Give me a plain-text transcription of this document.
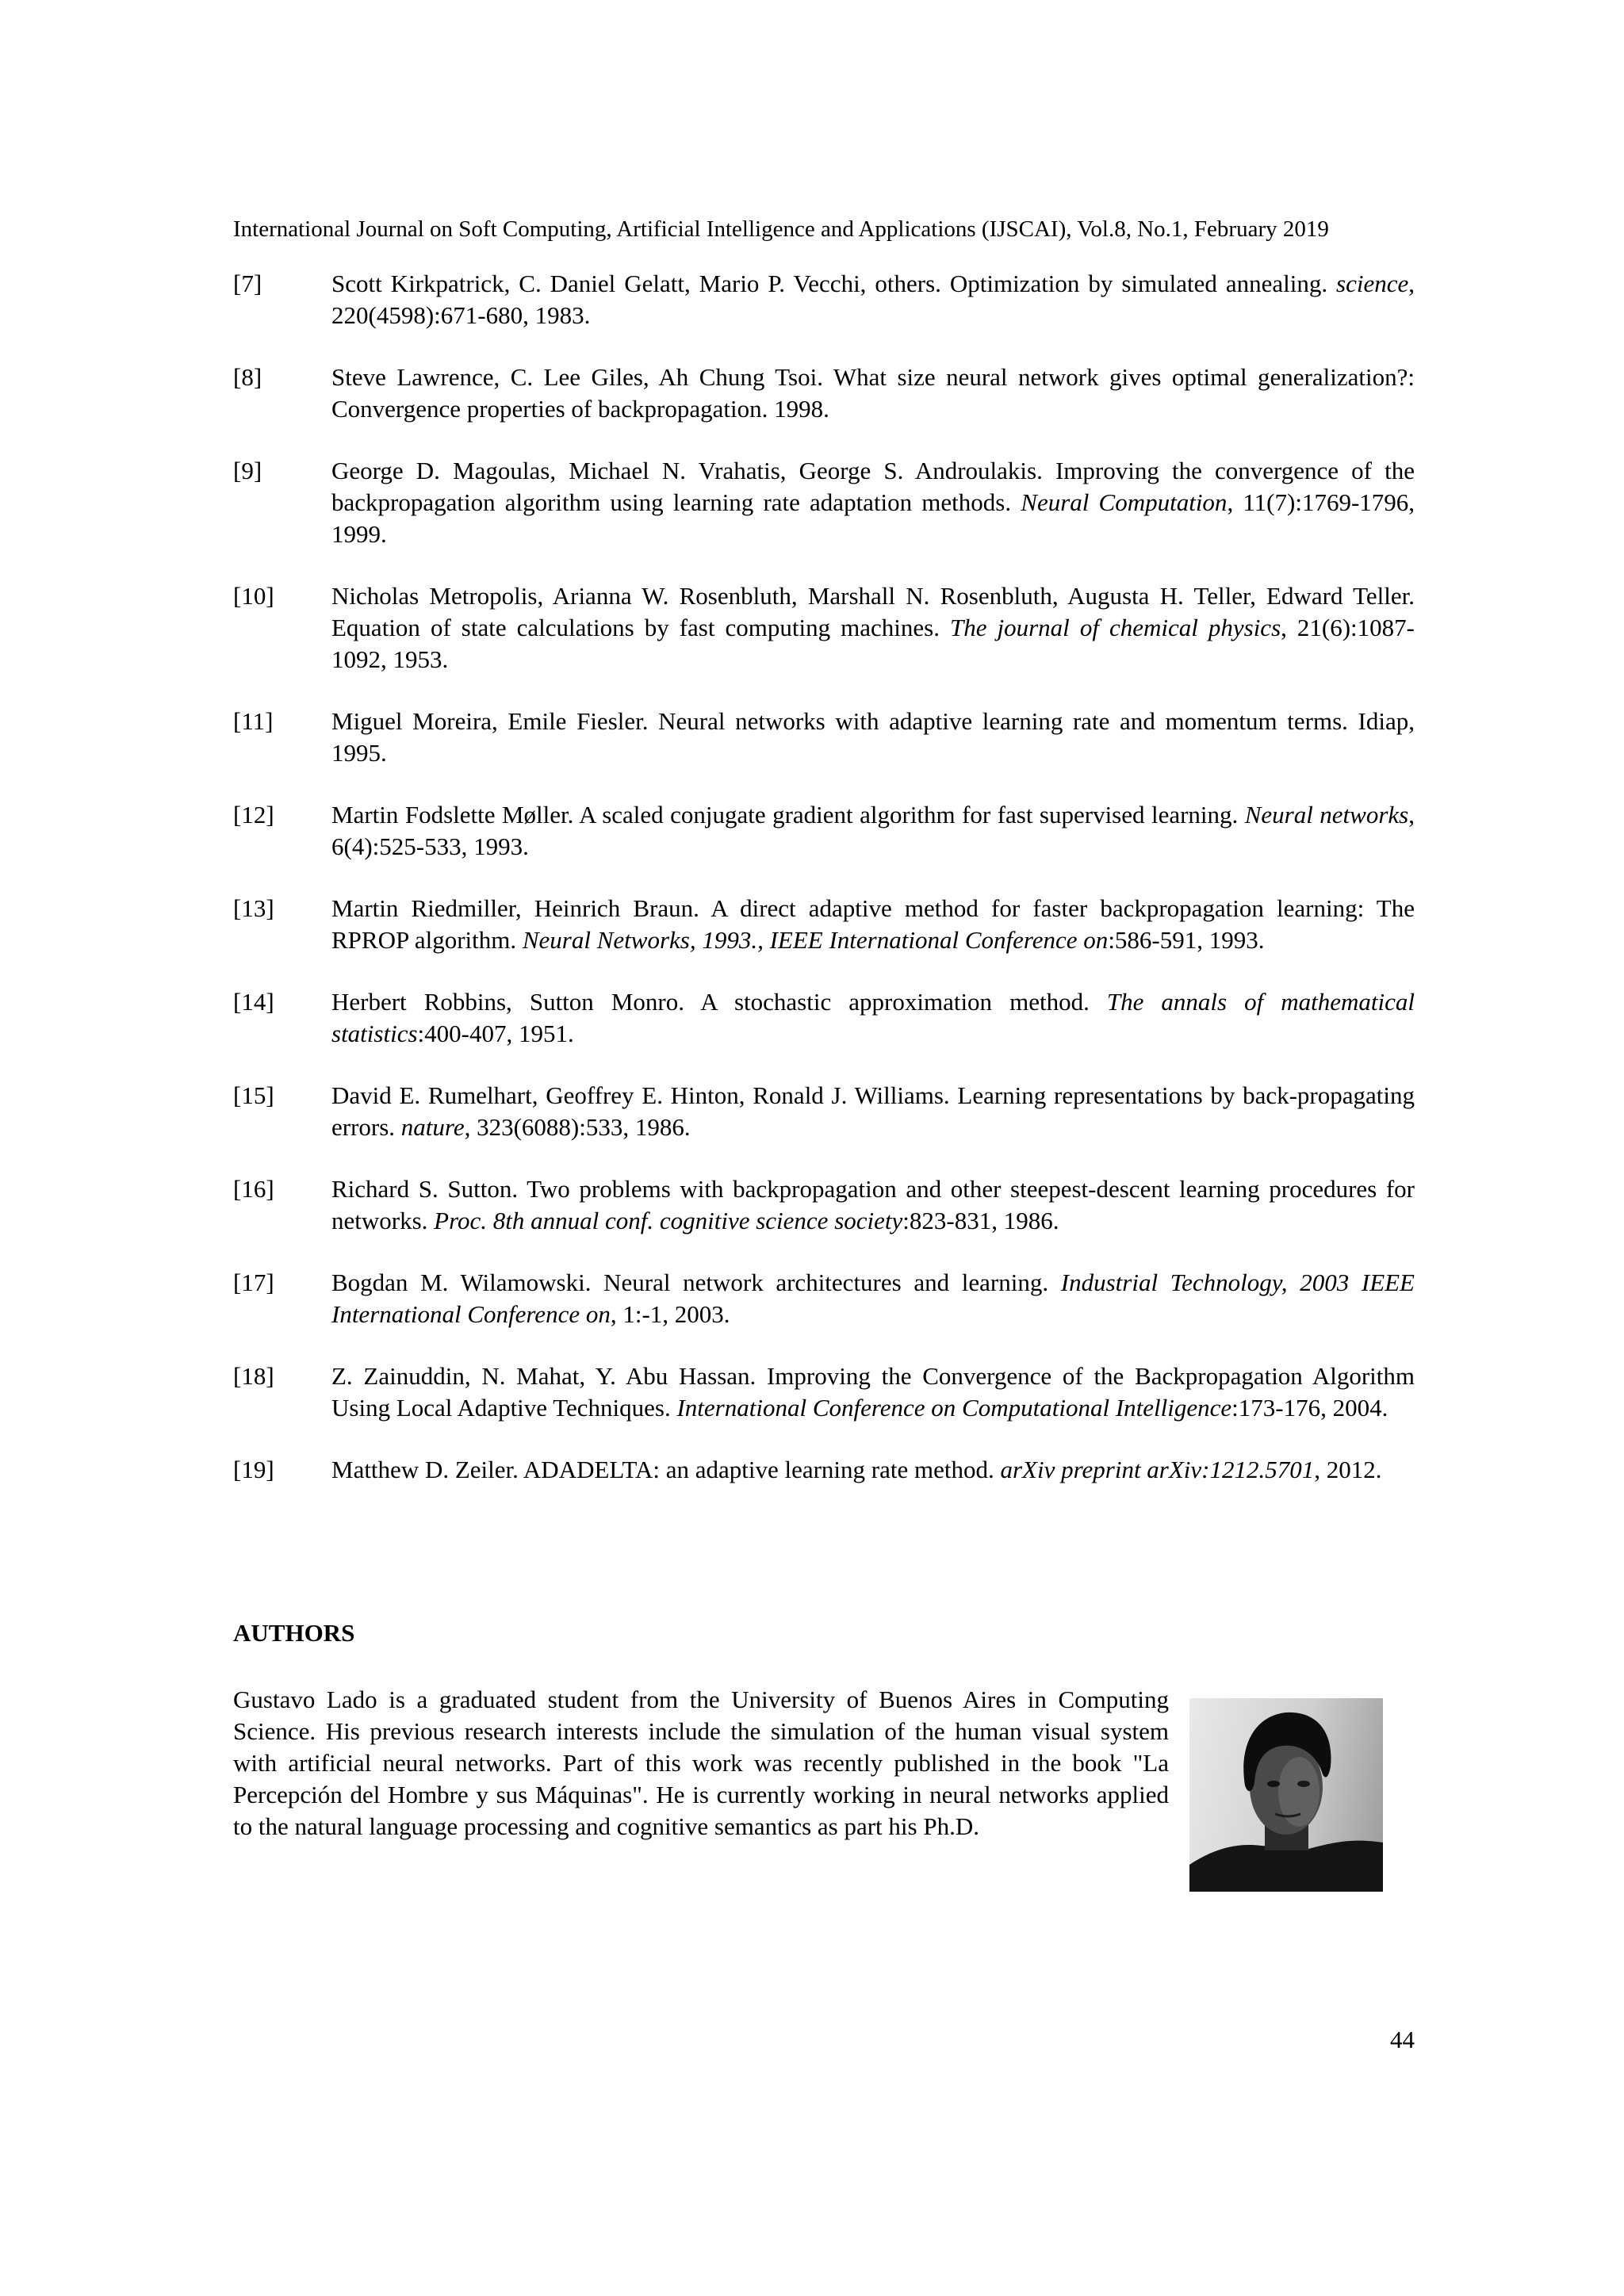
International Journal on Soft Computing, Artificial Intelligence and Applications (IJSCAI), Vol.8, No.1, February 2019
[7]	Scott Kirkpatrick, C. Daniel Gelatt, Mario P. Vecchi, others. Optimization by simulated annealing. science, 220(4598):671-680, 1983.
[8]	Steve Lawrence, C. Lee Giles, Ah Chung Tsoi. What size neural network gives optimal generalization?: Convergence properties of backpropagation. 1998.
[9]	George D. Magoulas, Michael N. Vrahatis, George S. Androulakis. Improving the convergence of the backpropagation algorithm using learning rate adaptation methods. Neural Computation, 11(7):1769-1796, 1999.
[10]	Nicholas Metropolis, Arianna W. Rosenbluth, Marshall N. Rosenbluth, Augusta H. Teller, Edward Teller. Equation of state calculations by fast computing machines. The journal of chemical physics, 21(6):1087-1092, 1953.
[11]	Miguel Moreira, Emile Fiesler. Neural networks with adaptive learning rate and momentum terms. Idiap, 1995.
[12]	Martin Fodslette Møller. A scaled conjugate gradient algorithm for fast supervised learning. Neural networks, 6(4):525-533, 1993.
[13]	Martin Riedmiller, Heinrich Braun. A direct adaptive method for faster backpropagation learning: The RPROP algorithm. Neural Networks, 1993., IEEE International Conference on:586-591, 1993.
[14]	Herbert Robbins, Sutton Monro. A stochastic approximation method. The annals of mathematical statistics:400-407, 1951.
[15]	David E. Rumelhart, Geoffrey E. Hinton, Ronald J. Williams. Learning representations by back-propagating errors. nature, 323(6088):533, 1986.
[16]	Richard S. Sutton. Two problems with backpropagation and other steepest-descent learning procedures for networks. Proc. 8th annual conf. cognitive science society:823-831, 1986.
[17]	Bogdan M. Wilamowski. Neural network architectures and learning. Industrial Technology, 2003 IEEE International Conference on, 1:-1, 2003.
[18]	Z. Zainuddin, N. Mahat, Y. Abu Hassan. Improving the Convergence of the Backpropagation Algorithm Using Local Adaptive Techniques. International Conference on Computational Intelligence:173-176, 2004.
[19]	Matthew D. Zeiler. ADADELTA: an adaptive learning rate method. arXiv preprint arXiv:1212.5701, 2012.
AUTHORS

Gustavo Lado is a graduated student from the University of Buenos Aires in Computing Science. His previous research interests include the simulation of the human visual system with artificial neural networks. Part of this work was recently published in the book "La Percepción del Hombre y sus Máquinas". He is currently working in neural networks applied to the natural language processing and cognitive semantics as part his Ph.D.

44
